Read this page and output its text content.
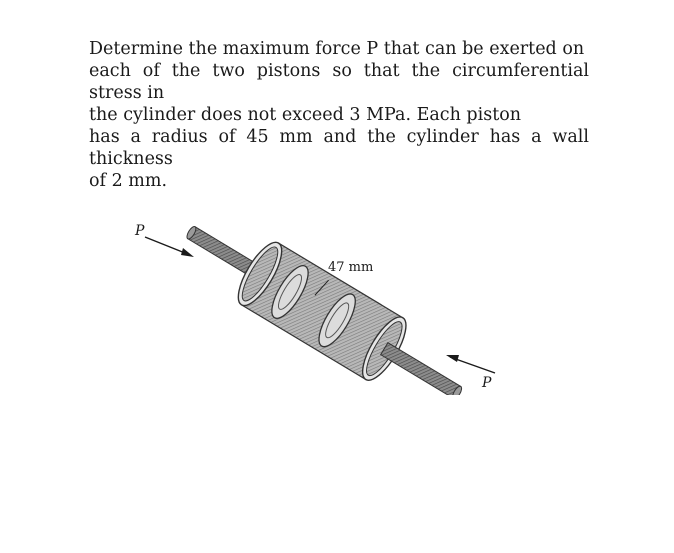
Determine the maximum force P that can be exerted on
each of the two pistons so that the circumferential stress in
the cylinder does not exceed 3 MPa. Each piston
has a radius of 45 mm and the cylinder has a wall thickness
of 2 mm.
P
P
47 mm
